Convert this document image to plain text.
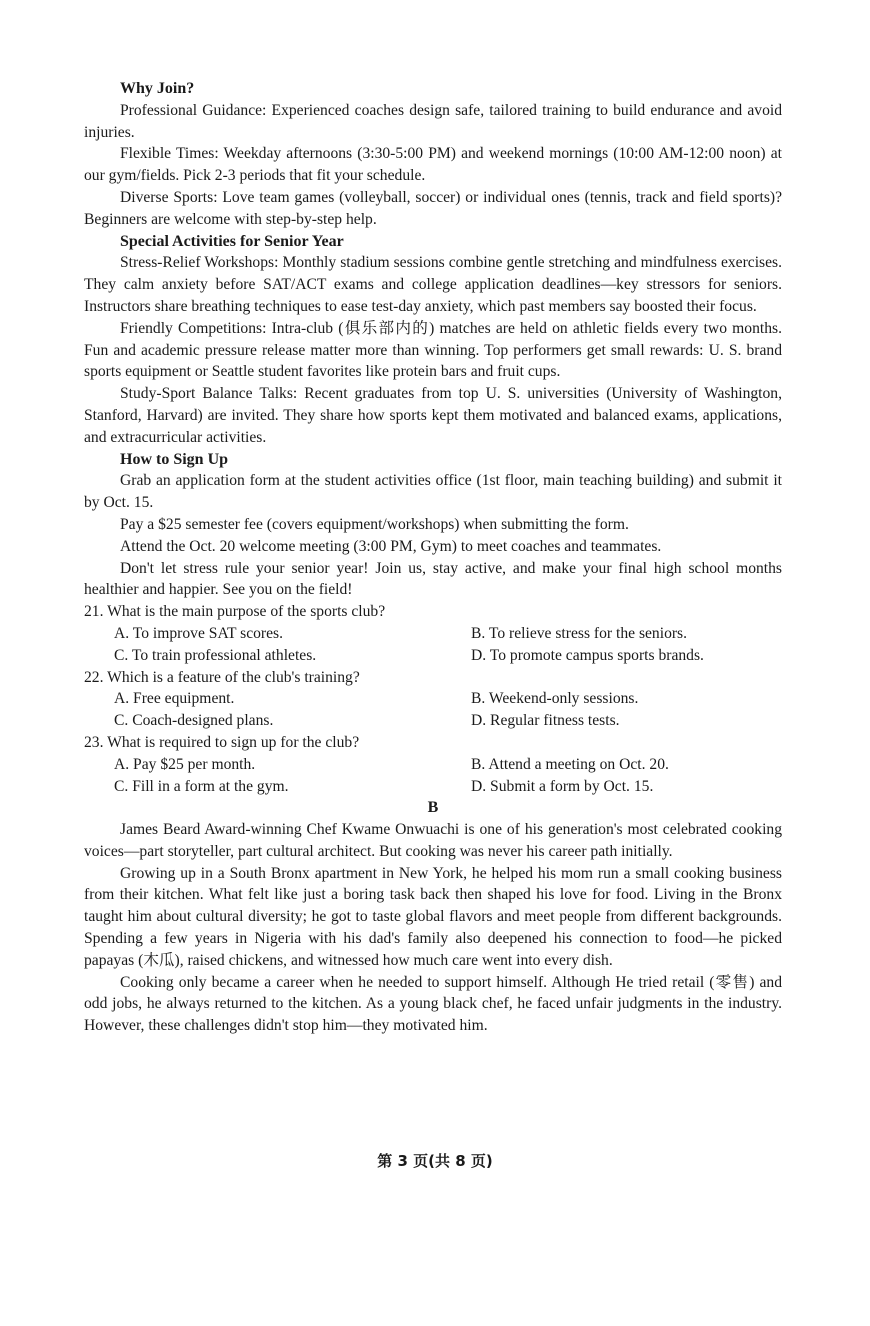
Why Join?

Professional Guidance: Experienced coaches design safe, tailored training to build endurance and avoid injuries.

Flexible Times: Weekday afternoons (3:30-5:00 PM) and weekend mornings (10:00 AM-12:00 noon) at our gym/fields. Pick 2-3 periods that fit your schedule.

Diverse Sports: Love team games (volleyball, soccer) or individual ones (tennis, track and field sports)? Beginners are welcome with step-by-step help.

Special Activities for Senior Year

Stress-Relief Workshops: Monthly stadium sessions combine gentle stretching and mindfulness exercises. They calm anxiety before SAT/ACT exams and college application deadlines—key stressors for seniors. Instructors share breathing techniques to ease test-day anxiety, which past members say boosted their focus.

Friendly Competitions: Intra-club (俱乐部内的) matches are held on athletic fields every two months. Fun and academic pressure release matter more than winning. Top performers get small rewards: U. S. brand sports equipment or Seattle student favorites like protein bars and fruit cups.

Study-Sport Balance Talks: Recent graduates from top U. S. universities (University of Washington, Stanford, Harvard) are invited. They share how sports kept them motivated and balanced exams, applications, and extracurricular activities.

How to Sign Up

Grab an application form at the student activities office (1st floor, main teaching building) and submit it by Oct. 15.

Pay a $25 semester fee (covers equipment/workshops) when submitting the form.

Attend the Oct. 20 welcome meeting (3:00 PM, Gym) to meet coaches and teammates.

Don't let stress rule your senior year! Join us, stay active, and make your final high school months healthier and happier. See you on the field!

21. What is the main purpose of the sports club?
A. To improve SAT scores.	B. To relieve stress for the seniors.
C. To train professional athletes.	D. To promote campus sports brands.
22. Which is a feature of the club's training?
A. Free equipment.	B. Weekend-only sessions.
C. Coach-designed plans.	D. Regular fitness tests.
23. What is required to sign up for the club?
A. Pay $25 per month.	B. Attend a meeting on Oct. 20.
C. Fill in a form at the gym.	D. Submit a form by Oct. 15.
B

James Beard Award-winning Chef Kwame Onwuachi is one of his generation's most celebrated cooking voices—part storyteller, part cultural architect. But cooking was never his career path initially.

Growing up in a South Bronx apartment in New York, he helped his mom run a small cooking business from their kitchen. What felt like just a boring task back then shaped his love for food. Living in the Bronx taught him about cultural diversity; he got to taste global flavors and meet people from different backgrounds. Spending a few years in Nigeria with his dad's family also deepened his connection to food—he picked papayas (木瓜), raised chickens, and witnessed how much care went into every dish.

Cooking only became a career when he needed to support himself. Although He tried retail (零售) and odd jobs, he always returned to the kitchen. As a young black chef, he faced unfair judgments in the industry. However, these challenges didn't stop him—they motivated him.

第 3 页(共 8 页)
